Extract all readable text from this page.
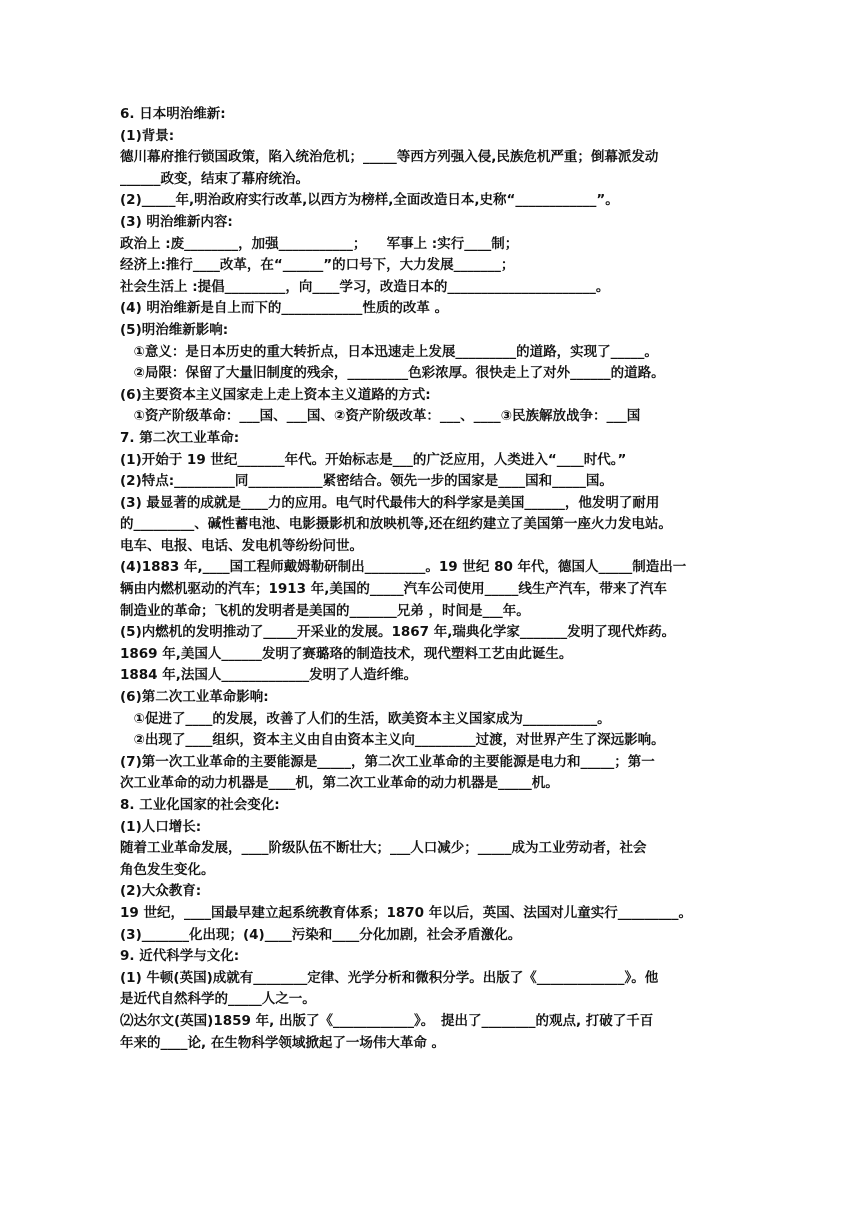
6. 日本明治维新:
(1)背景:
德川幕府推行锁国政策，陷入统治危机；_____等西方列强入侵,民族危机严重；倒幕派发动
______政变，结束了幕府统治。
(2)_____年,明治政府实行改革,以西方为榜样,全面改造日本,史称“____________”。
(3) 明治维新内容:
政治上 :废________，加强___________；　　军事上 :实行____制；
经济上:推行____改革，在“______”的口号下，大力发展_______；
社会生活上 :提倡_________，向____学习，改造日本的______________________。
(4) 明治维新是自上而下的____________性质的改革 。
(5)明治维新影响:
　①意义：是日本历史的重大转折点，日本迅速走上发展_________的道路，实现了_____。
　②局限：保留了大量旧制度的残余，_________色彩浓厚。很快走上了对外______的道路。
(6)主要资本主义国家走上走上资本主义道路的方式:
　①资产阶级革命：___国、___国、②资产阶级改革：___、____③民族解放战争：___国
7. 第二次工业革命:
(1)开始于 19 世纪_______年代。开始标志是___的广泛应用，人类进入“____时代。”
(2)特点:_________同___________紧密结合。领先一步的国家是____国和_____国。
(3) 最显著的成就是____力的应用。电气时代最伟大的科学家是美国______，他发明了耐用
的_________、碱性蓄电池、电影摄影机和放映机等,还在纽约建立了美国第一座火力发电站。
电车、电报、电话、发电机等纷纷问世。
(4)1883 年,____国工程师戴姆勒研制出_________。19 世纪 80 年代，德国人_____制造出一
辆由内燃机驱动的汽车；1913 年,美国的_____汽车公司使用_____线生产汽车，带来了汽车
制造业的革命；飞机的发明者是美国的_______兄弟 ，时间是___年。
(5)内燃机的发明推动了_____开采业的发展。1867 年,瑞典化学家_______发明了现代炸药。
1869 年,美国人______发明了赛璐珞的制造技术，现代塑料工艺由此诞生。
1884 年,法国人_____________发明了人造纤维。
(6)第二次工业革命影响:
　①促进了____的发展，改善了人们的生活，欧美资本主义国家成为___________。
　②出现了____组织，资本主义由自由资本主义向_________过渡，对世界产生了深远影响。
(7)第一次工业革命的主要能源是_____，第二次工业革命的主要能源是电力和_____；第一
次工业革命的动力机器是____机，第二次工业革命的动力机器是_____机。
8. 工业化国家的社会变化:
(1)人口增长:
随着工业革命发展，____阶级队伍不断壮大；___人口减少；_____成为工业劳动者，社会
角色发生变化。
(2)大众教育:
19 世纪，____国最早建立起系统教育体系；1870 年以后，英国、法国对儿童实行_________。
(3)_______化出现；(4)____污染和____分化加剧，社会矛盾激化。
9. 近代科学与文化:
(1) 牛顿(英国)成就有________定律、光学分析和微积分学。出版了《_____________》。他
是近代自然科学的_____人之一。
⑵达尔文(英国)1859 年, 出版了《____________》。　提出了________的观点, 打破了千百
年来的____论, 在生物科学领域掀起了一场伟大革命 。
